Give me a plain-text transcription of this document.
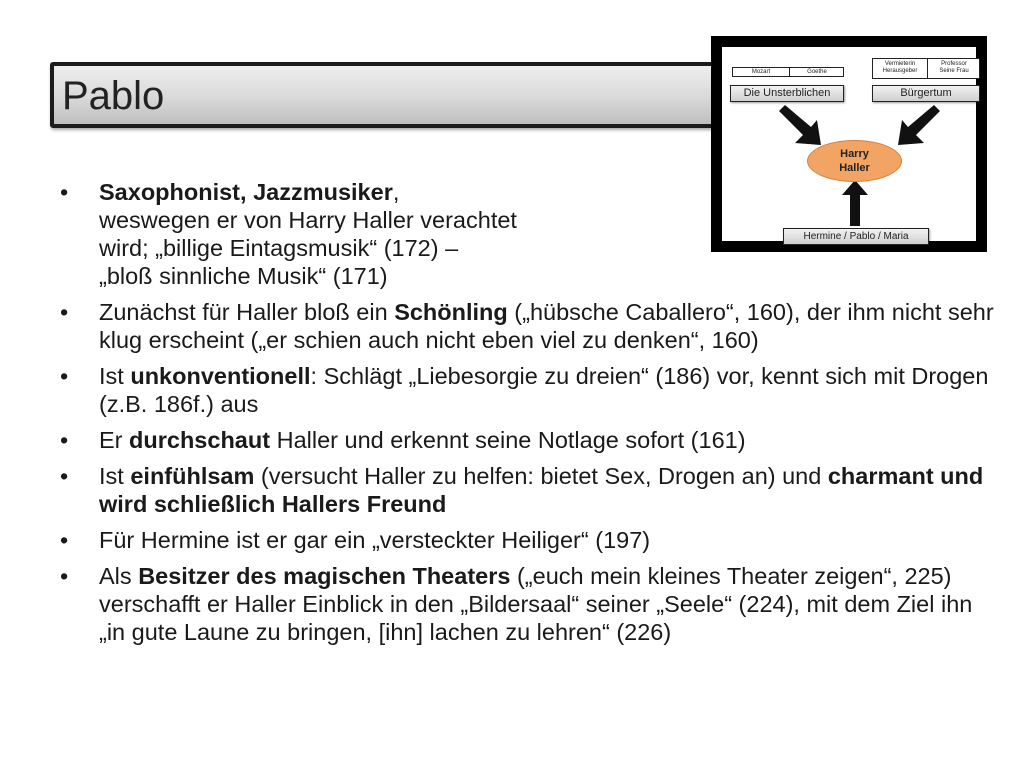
Pablo
Mozart	Goethe
Die Unsterblichen
Vermieterin
Herausgeber
Professor
Seine Frau
Bürgertum
Harry
Haller
Hermine / Pablo / Maria
• Saxophonist, Jazzmusiker,
weswegen er von Harry Haller verachtet
wird; „billige Eintagsmusik“ (172) –
„bloß sinnliche Musik“ (171)
• Zunächst für Haller bloß ein Schönling („hübsche Caballero“, 160), der ihm nicht sehr klug erscheint („er schien auch nicht eben viel zu denken“, 160)
• Ist unkonventionell: Schlägt „Liebesorgie zu dreien“ (186) vor, kennt sich mit Drogen (z.B. 186f.) aus
• Er durchschaut Haller und erkennt seine Notlage sofort (161)
• Ist einfühlsam (versucht Haller zu helfen: bietet Sex, Drogen an) und charmant und wird schließlich Hallers Freund
• Für Hermine ist er gar ein „versteckter Heiliger“ (197)
• Als Besitzer des magischen Theaters („euch mein kleines Theater zeigen“, 225) verschafft er Haller Einblick in den „Bildersaal“ seiner „Seele“ (224), mit dem Ziel ihn „in gute Laune zu bringen, [ihn] lachen zu lehren“ (226)
